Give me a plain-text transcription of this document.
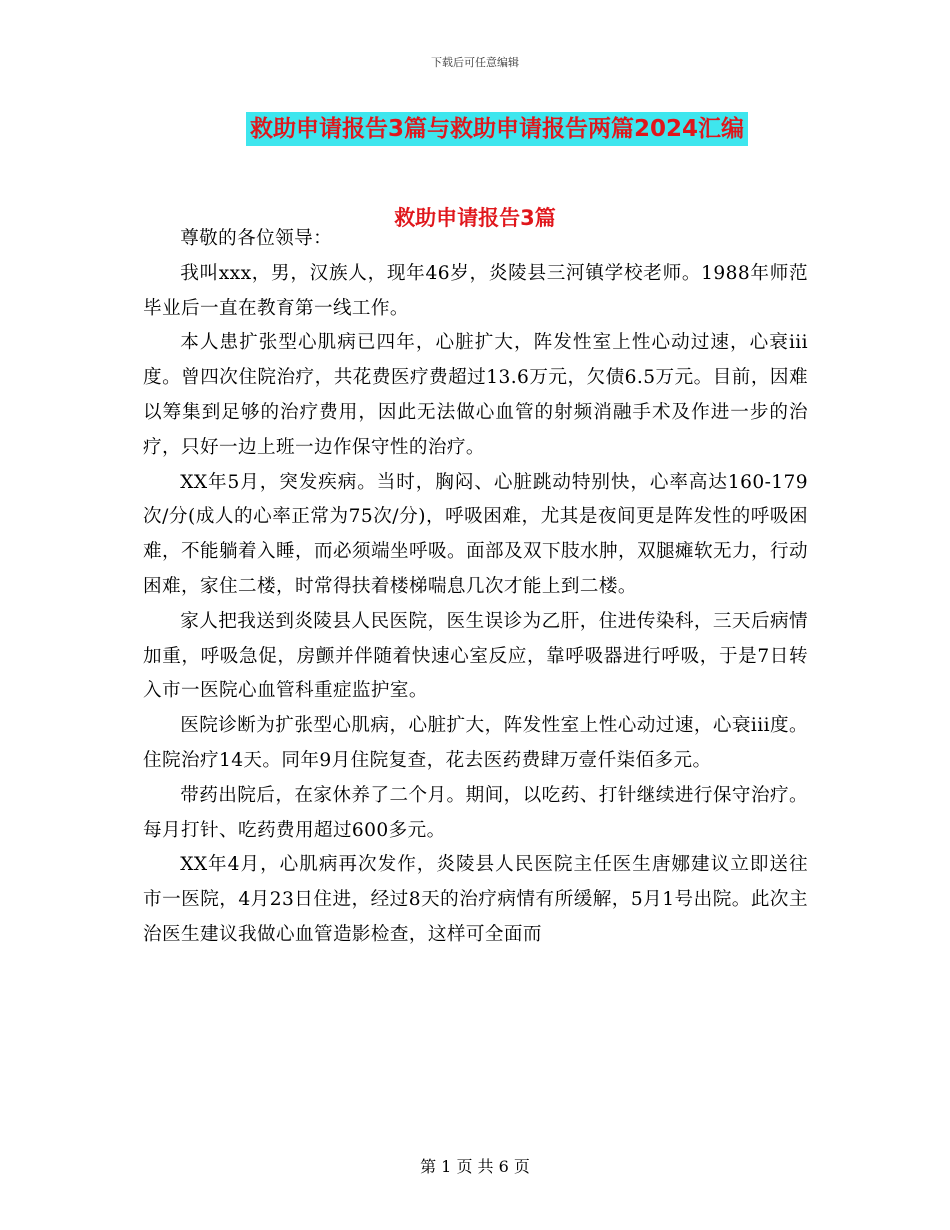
下载后可任意编辑
救助申请报告3篇与救助申请报告两篇2024汇编
救助申请报告3篇

尊敬的各位领导：

我叫xxx，男，汉族人，现年46岁，炎陵县三河镇学校老师。1988年师范毕业后一直在教育第一线工作。

本人患扩张型心肌病已四年，心脏扩大，阵发性室上性心动过速，心衰iii度。曾四次住院治疗，共花费医疗费超过13.6万元，欠债6.5万元。目前，因难以筹集到足够的治疗费用，因此无法做心血管的射频消融手术及作进一步的治疗，只好一边上班一边作保守性的治疗。

XX年5月，突发疾病。当时，胸闷、心脏跳动特别快，心率高达160-179次/分(成人的心率正常为75次/分)，呼吸困难，尤其是夜间更是阵发性的呼吸困难，不能躺着入睡，而必须端坐呼吸。面部及双下肢水肿，双腿瘫软无力，行动困难，家住二楼，时常得扶着楼梯喘息几次才能上到二楼。

家人把我送到炎陵县人民医院，医生误诊为乙肝，住进传染科，三天后病情加重，呼吸急促，房颤并伴随着快速心室反应，靠呼吸器进行呼吸，于是7日转入市一医院心血管科重症监护室。

医院诊断为扩张型心肌病，心脏扩大，阵发性室上性心动过速，心衰iii度。住院治疗14天。同年9月住院复查，花去医药费肆万壹仟柒佰多元。

带药出院后，在家休养了二个月。期间，以吃药、打针继续进行保守治疗。每月打针、吃药费用超过600多元。

XX年4月，心肌病再次发作，炎陵县人民医院主任医生唐娜建议立即送往市一医院，4月23日住进，经过8天的治疗病情有所缓解，5月1号出院。此次主治医生建议我做心血管造影检查，这样可全面而

第 1 页 共 6 页
